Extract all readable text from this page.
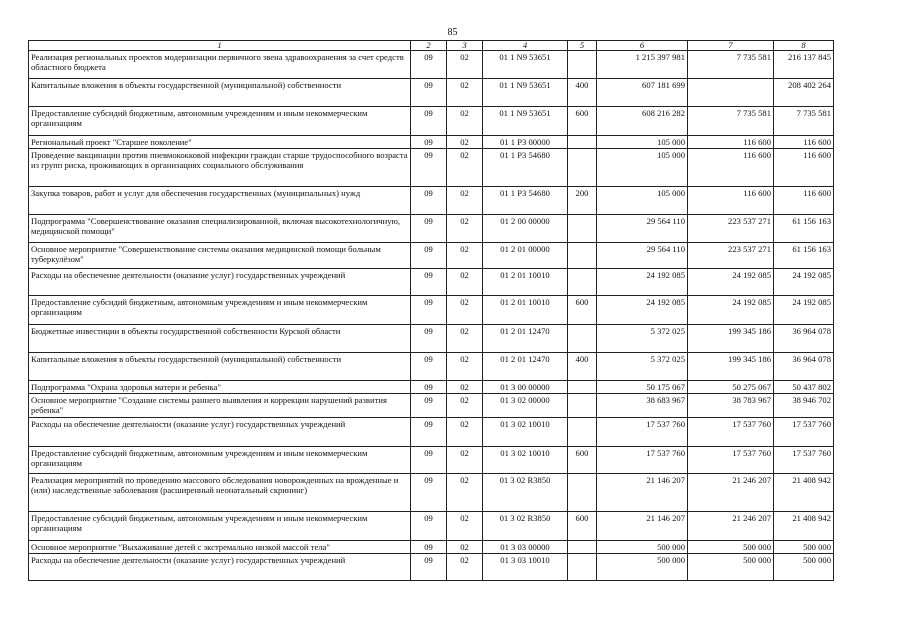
85
1	2	3	4	5	6	7	8
Реализация региональных проектов модернизации первичного звена здравоохранения за счет средств областного бюджета	09	02	01 1 N9 53651		1 215 397 981	7 735 581	216 137 845
Капитальные вложения в объекты государственной (муниципальной) собственности	09	02	01 1 N9 53651	400	607 181 699		208 402 264
Предоставление субсидий бюджетным, автономным учреждениям и иным некоммерческим организациям	09	02	01 1 N9 53651	600	608 216 282	7 735 581	7 735 581
Региональный проект "Старшее поколение"	09	02	01 1 P3 00000		105 000	116 600	116 600
Проведение вакцинации против пневмококковой инфекции граждан старше трудоспособного возраста из групп риска, проживающих в организациях социального обслуживания	09	02	01 1 P3 54680		105 000	116 600	116 600
Закупка товаров, работ и услуг для обеспечения государственных (муниципальных) нужд	09	02	01 1 P3 54680	200	105 000	116 600	116 600
Подпрограмма "Совершенствование оказания специализированной, включая высокотехнологичную, медицинской помощи"	09	02	01 2 00 00000		29 564 110	223 537 271	61 156 163
Основное мероприятие "Совершенствование системы оказания медицинской помощи больным туберкулёзом"	09	02	01 2 01 00000		29 564 110	223 537 271	61 156 163
Расходы на обеспечение деятельности (оказание услуг) государственных учреждений	09	02	01 2 01 10010		24 192 085	24 192 085	24 192 085
Предоставление субсидий бюджетным, автономным учреждениям и иным некоммерческим организациям	09	02	01 2 01 10010	600	24 192 085	24 192 085	24 192 085
Бюджетные инвестиции в объекты государственной собственности Курской области	09	02	01 2 01 12470		5 372 025	199 345 186	36 964 078
Капитальные вложения в объекты государственной (муниципальной) собственности	09	02	01 2 01 12470	400	5 372 025	199 345 186	36 964 078
Подпрограмма "Охрана здоровья матери и ребенка"	09	02	01 3 00 00000		50 175 067	50 275 067	50 437 802
Основное мероприятие "Создание системы раннего выявления и коррекции нарушений развития ребенка"	09	02	01 3 02 00000		38 683 967	38 783 967	38 946 702
Расходы на обеспечение деятельности (оказание услуг) государственных учреждений	09	02	01 3 02 10010		17 537 760	17 537 760	17 537 760
Предоставление субсидий бюджетным, автономным учреждениям и иным некоммерческим организациям	09	02	01 3 02 10010	600	17 537 760	17 537 760	17 537 760
Реализация мероприятий по проведению массового обследования новорожденных на врожденные и (или) наследственные заболевания (расширенный неонатальный скрининг)	09	02	01 3 02 R3850		21 146 207	21 246 207	21 408 942
Предоставление субсидий бюджетным, автономным учреждениям и иным некоммерческим организациям	09	02	01 3 02 R3850	600	21 146 207	21 246 207	21 408 942
Основное мероприятие "Выхаживание детей с экстремально низкой массой тела"	09	02	01 3 03 00000		500 000	500 000	500 000
Расходы на обеспечение деятельности (оказание услуг) государственных учреждений	09	02	01 3 03 10010		500 000	500 000	500 000
